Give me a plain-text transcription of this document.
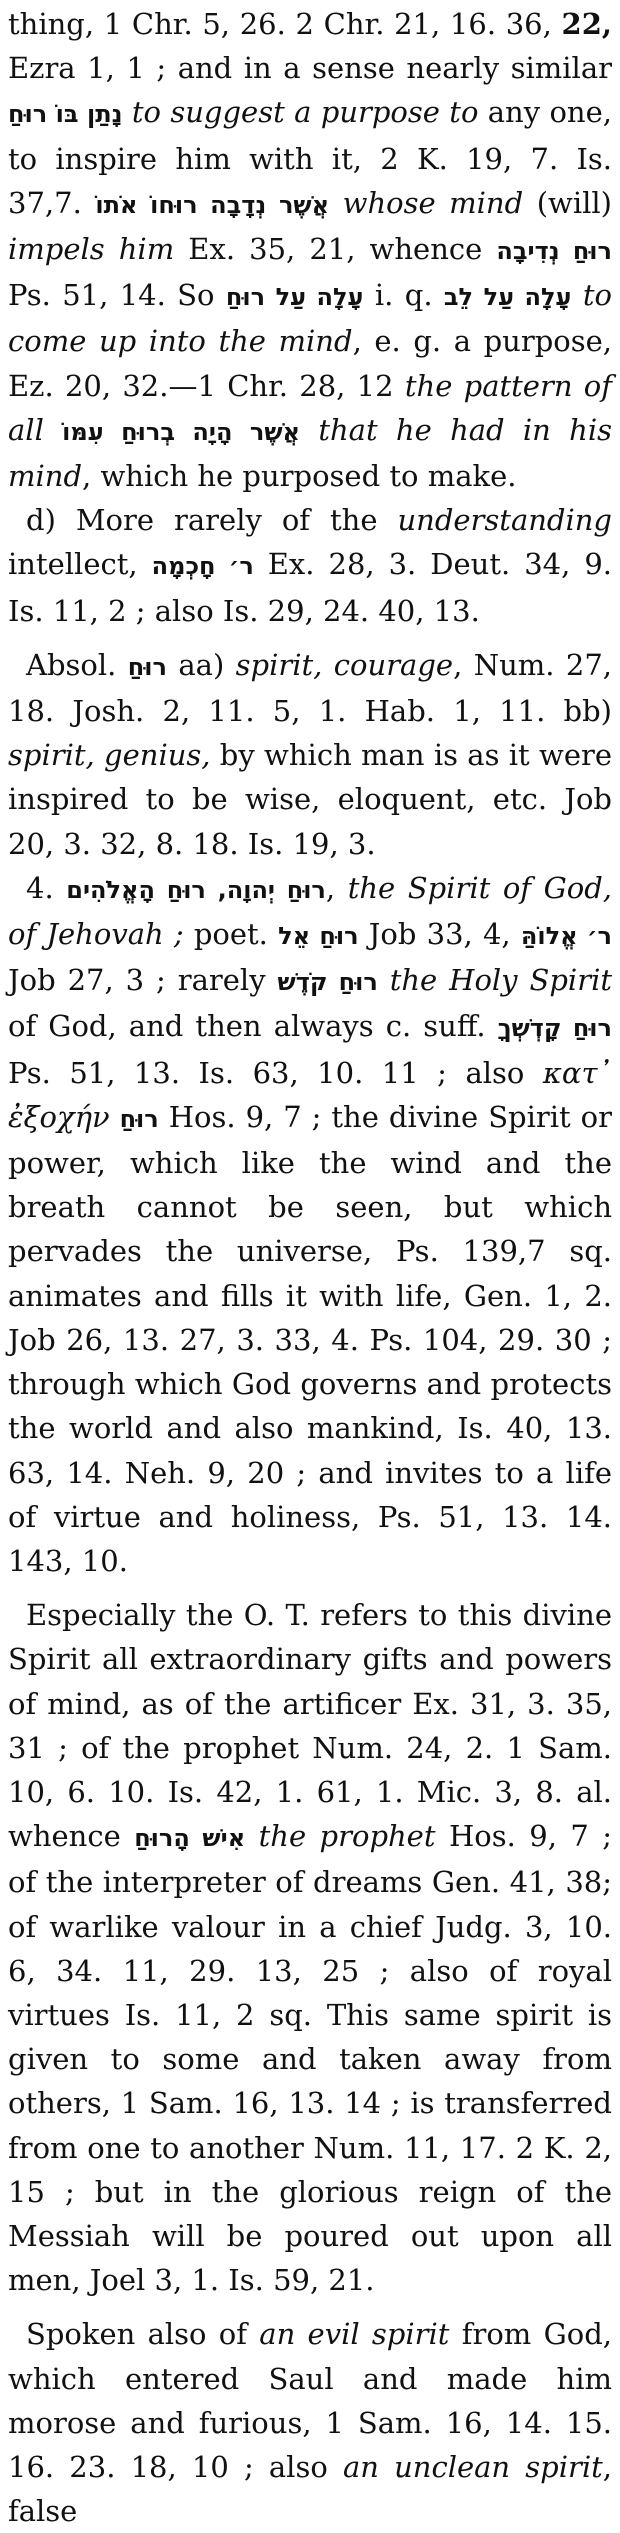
thing, 1 Chr. 5, 26. 2 Chr. 21, 16. 36, 22, Ezra 1, 1 ; and in a sense nearly similar נָתַן בּוֹ רוּחַ to suggest a purpose to any one, to inspire him with it, 2 K. 19, 7. Is. 37,7. אֲשֶׁר נְדָבָה רוּחוֹ אֹתוֹ whose mind (will) impels him Ex. 35, 21, whence רוּחַ נְדִיבָה Ps. 51, 14. So עָלָה עַל רוּחַ i. q. עָלָה עַל לֵב to come up into the mind, e. g. a purpose, Ez. 20, 32.—1 Chr. 28, 12 the pattern of all אֲשֶׁר הָיָה בְרוּחַ עִמּוֹ that he had in his mind, which he purposed to make.

d) More rarely of the understanding intellect, ר׳ חָכְמָה Ex. 28, 3. Deut. 34, 9. Is. 11, 2 ; also Is. 29, 24. 40, 13.

Absol. רוּחַ aa) spirit, courage, Num. 27, 18. Josh. 2, 11. 5, 1. Hab. 1, 11. bb) spirit, genius, by which man is as it were inspired to be wise, eloquent, etc. Job 20, 3. 32, 8. 18. Is. 19, 3.

4. רוּחַ יְהוָה, רוּחַ הָאֱלֹהִים, the Spirit of God, of Jehovah ; poet. רוּחַ אֵל Job 33, 4, ר׳ אֱלוֹהַּ Job 27, 3 ; rarely רוּחַ קֹדֶשׁ the Holy Spirit of God, and then always c. suff. רוּחַ קָדְשְׁךָ Ps. 51, 13. Is. 63, 10. 11 ; also κατ᾽ ἐξοχήν רוּחַ Hos. 9, 7 ; the divine Spirit or power, which like the wind and the breath cannot be seen, but which pervades the universe, Ps. 139,7 sq. animates and fills it with life, Gen. 1, 2. Job 26, 13. 27, 3. 33, 4. Ps. 104, 29. 30 ; through which God governs and protects the world and also mankind, Is. 40, 13. 63, 14. Neh. 9, 20 ; and invites to a life of virtue and holiness, Ps. 51, 13. 14. 143, 10.

Especially the O. T. refers to this divine Spirit all extraordinary gifts and powers of mind, as of the artificer Ex. 31, 3. 35, 31 ; of the prophet Num. 24, 2. 1 Sam. 10, 6. 10. Is. 42, 1. 61, 1. Mic. 3, 8. al. whence אִישׁ הָרוּחַ the prophet Hos. 9, 7 ; of the interpreter of dreams Gen. 41, 38; of warlike valour in a chief Judg. 3, 10. 6, 34. 11, 29. 13, 25 ; also of royal virtues Is. 11, 2 sq. This same spirit is given to some and taken away from others, 1 Sam. 16, 13. 14 ; is transferred from one to another Num. 11, 17. 2 K. 2, 15 ; but in the glorious reign of the Messiah will be poured out upon all men, Joel 3, 1. Is. 59, 21.

Spoken also of an evil spirit from God, which entered Saul and made him morose and furious, 1 Sam. 16, 14. 15. 16. 23. 18, 10 ; also an unclean spirit, false
